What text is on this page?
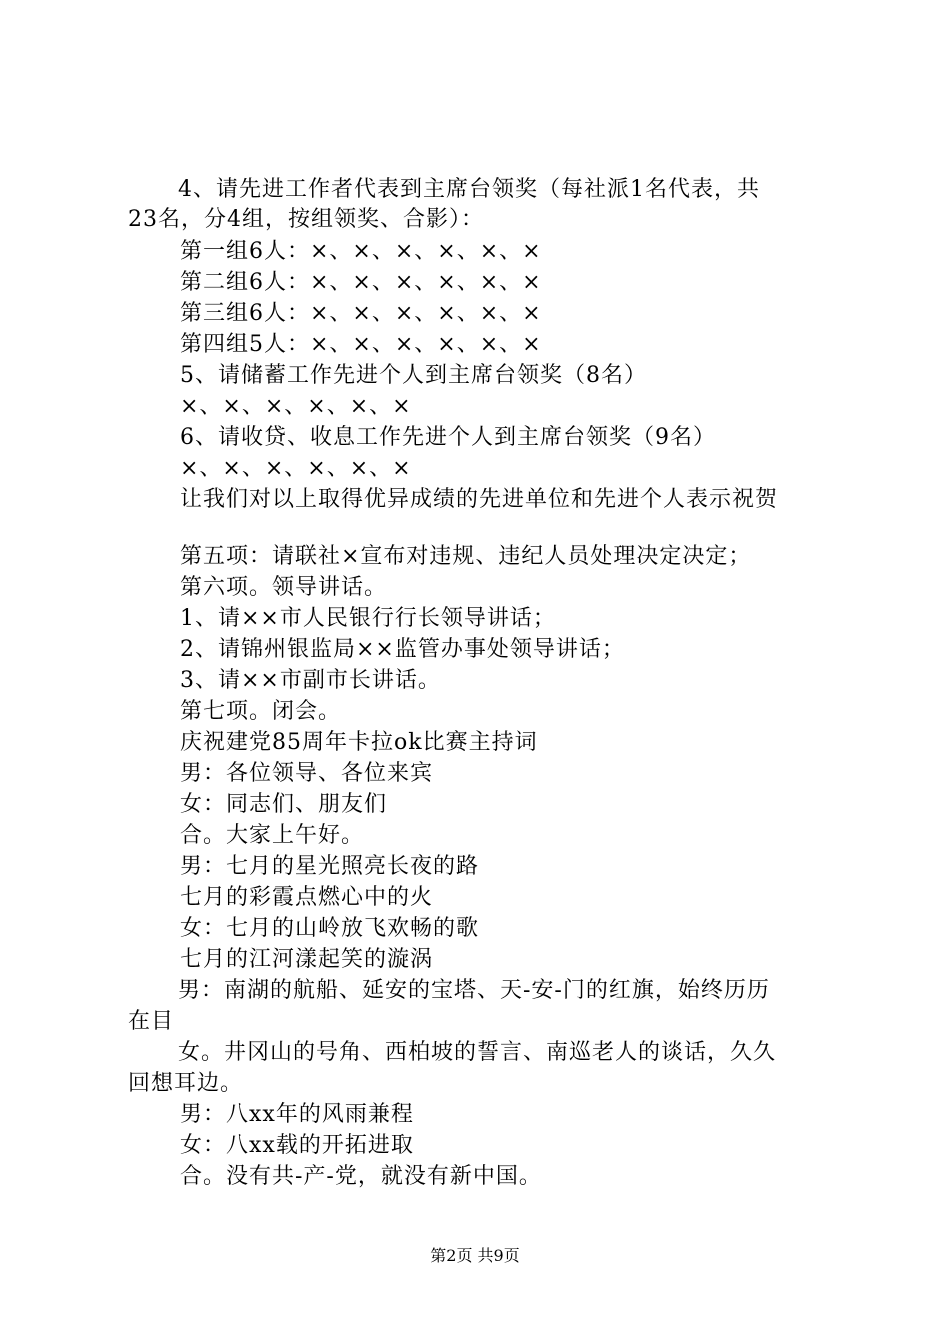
4、请先进工作者代表到主席台领奖（每社派1名代表，共
23名，分4组，按组领奖、合影）：
第一组6人：×、×、×、×、×、×
第二组6人：×、×、×、×、×、×
第三组6人：×、×、×、×、×、×
第四组5人：×、×、×、×、×、×
5、请储蓄工作先进个人到主席台领奖（8名）
×、×、×、×、×、×
6、请收贷、收息工作先进个人到主席台领奖（9名）
×、×、×、×、×、×
让我们对以上取得优异成绩的先进单位和先进个人表示祝贺
第五项：请联社×宣布对违规、违纪人员处理决定决定；
第六项。领导讲话。
1、请××市人民银行行长领导讲话；
2、请锦州银监局××监管办事处领导讲话；
3、请××市副市长讲话。
第七项。闭会。
庆祝建党85周年卡拉ok比赛主持词
男：各位领导、各位来宾
女：同志们、朋友们
合。大家上午好。
男：七月的星光照亮长夜的路
七月的彩霞点燃心中的火
女：七月的山岭放飞欢畅的歌
七月的江河漾起笑的漩涡
男：南湖的航船、延安的宝塔、天-安-门的红旗，始终历历
在目
女。井冈山的号角、西柏坡的誓言、南巡老人的谈话，久久
回想耳边。
男：八xx年的风雨兼程
女：八xx载的开拓进取
合。没有共-产-党，就没有新中国。
第2页 共9页
